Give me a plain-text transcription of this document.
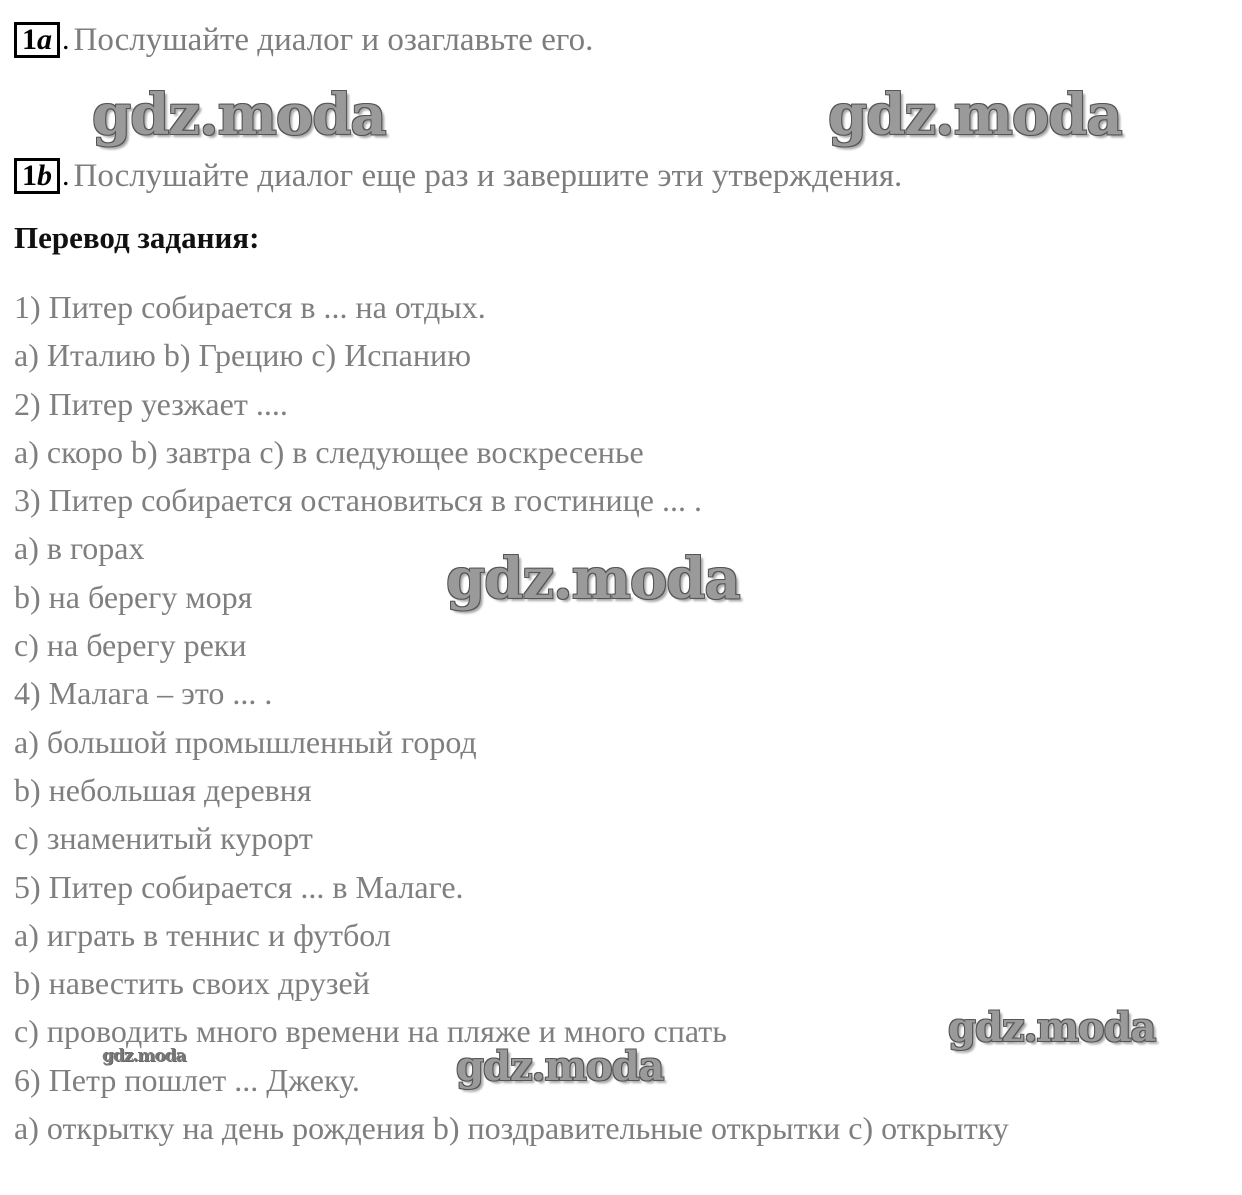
1 a . Послушайте диалог и озаглавьте его.
1 b . Послушайте диалог еще раз и завершите эти утверждения.
Перевод задания:
1) Питер собирается в ... на отдых.
a) Италию b) Грецию c) Испанию
2) Питер уезжает ....
a) скоро b) завтра c) в следующее воскресенье
3) Питер собирается остановиться в гостинице ... .
a) в горах
b) на берегу моря
c) на берегу реки
4) Малага – это ... .
a) большой промышленный город
b) небольшая деревня
c) знаменитый курорт
5) Питер собирается ... в Малаге.
a) играть в теннис и футбол
b) навестить своих друзей
c) проводить много времени на пляже и много спать
6) Петр пошлет ... Джеку.
a) открытку на день рождения b) поздравительные открытки c) открытку
gdz.moda	gdz.moda
gdz.moda
gdz.moda
gdz.moda	gdz.moda
